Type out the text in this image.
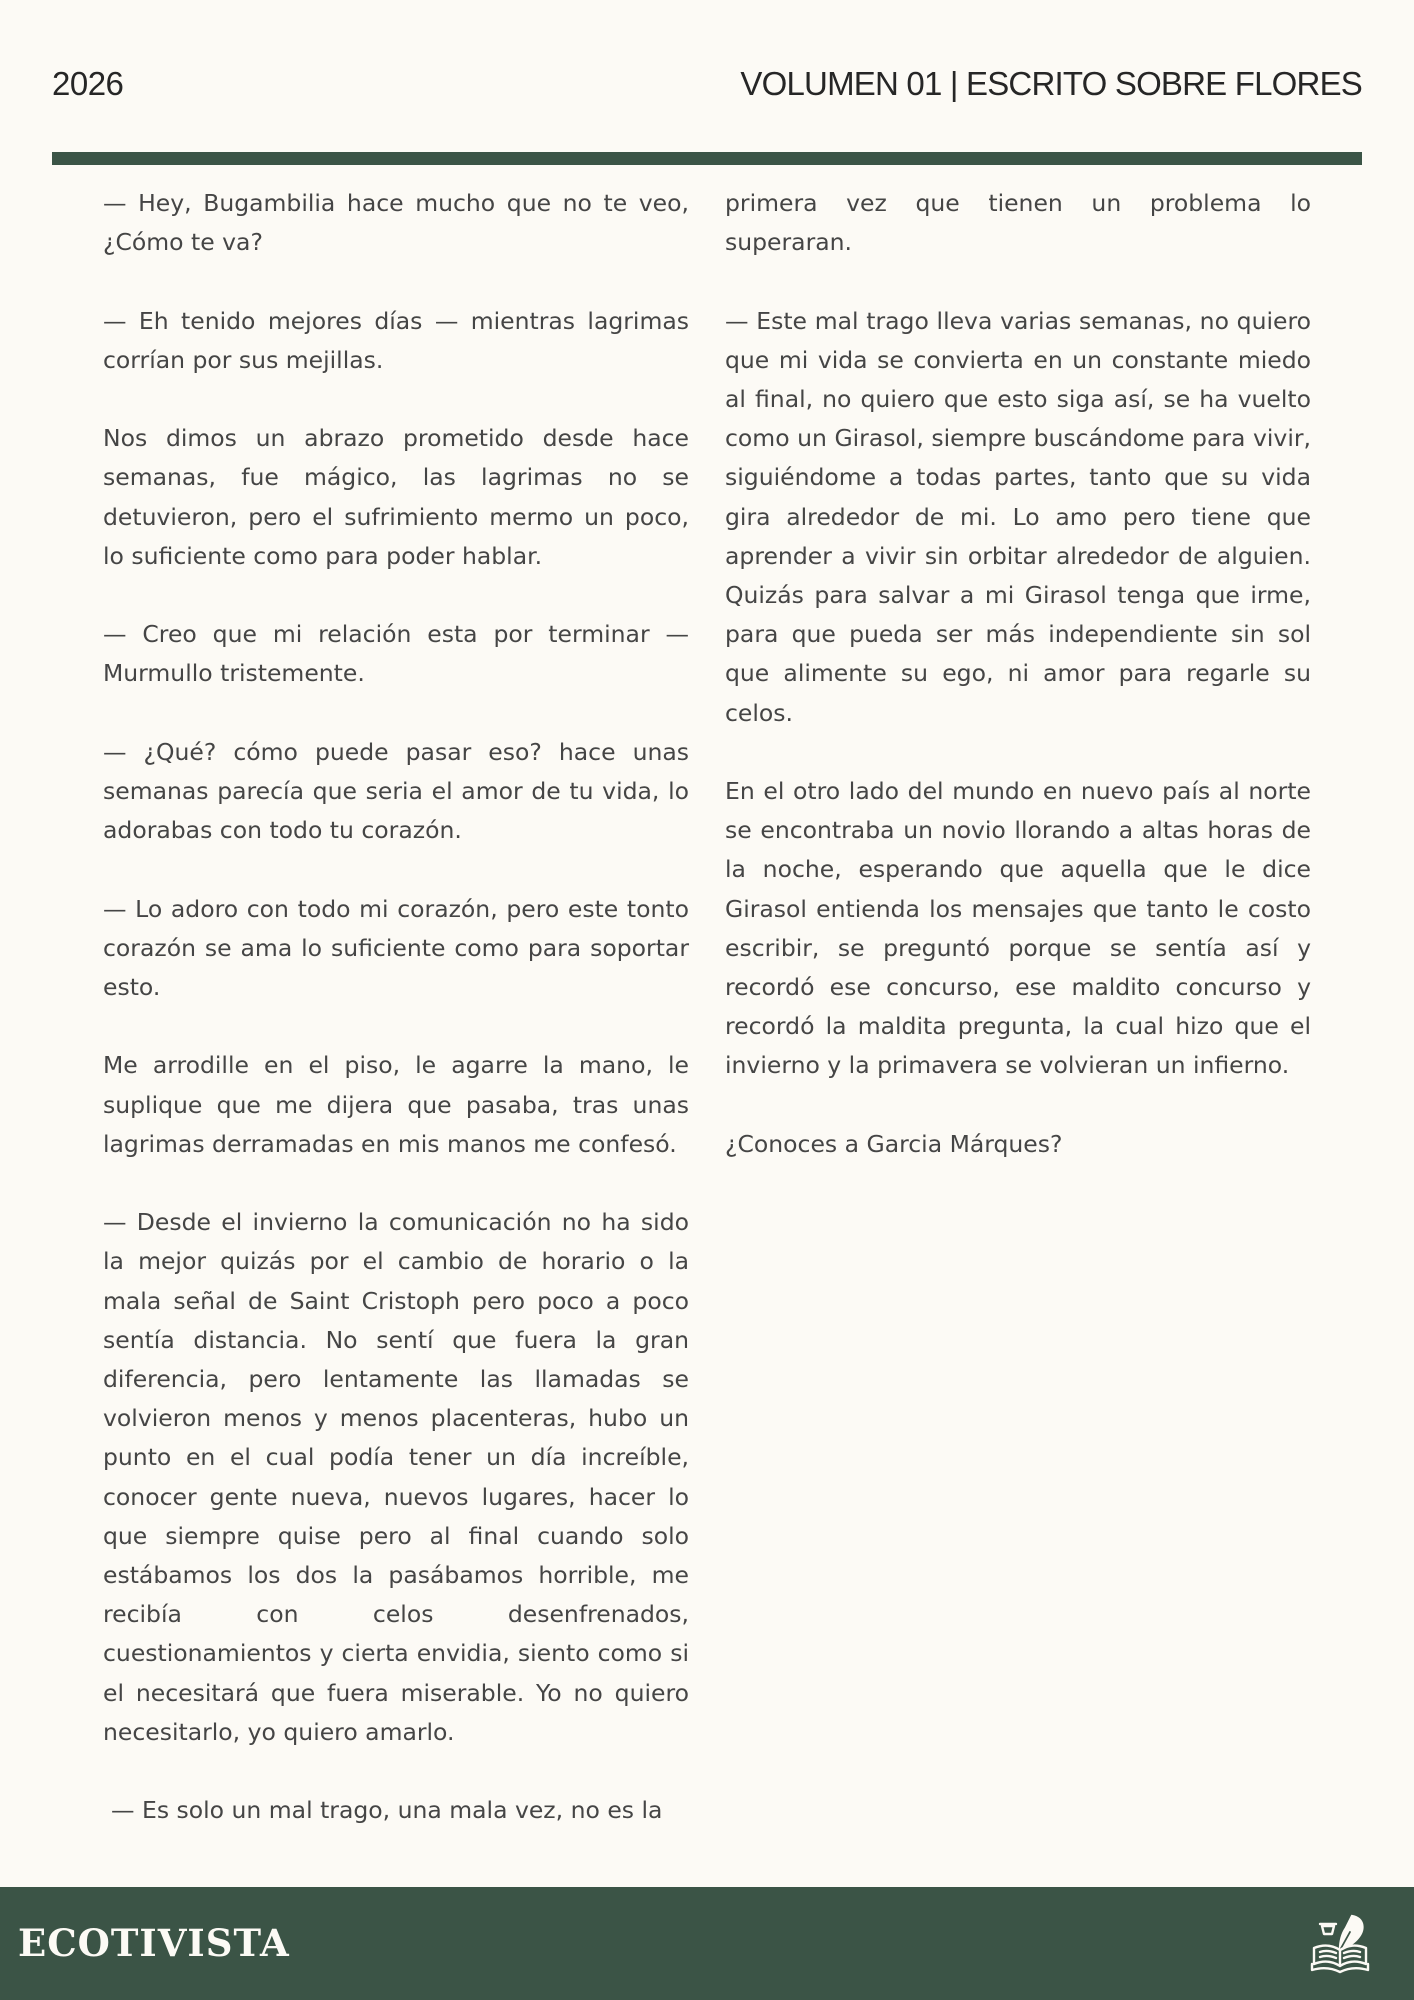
2026	VOLUMEN 01 | ESCRITO SOBRE FLORES

— Hey, Bugambilia hace mucho que no te veo, ¿Cómo te va?

— Eh tenido mejores días — mientras lagrimas corrían por sus mejillas.

Nos dimos un abrazo prometido desde hace semanas, fue mágico, las lagrimas no se detuvieron, pero el sufrimiento mermo un poco, lo suficiente como para poder hablar.

— Creo que mi relación esta por terminar — Murmullo tristemente.

— ¿Qué? cómo puede pasar eso? hace unas semanas parecía que seria el amor de tu vida, lo adorabas con todo tu corazón.

— Lo adoro con todo mi corazón, pero este tonto corazón se ama lo suficiente como para soportar esto.

Me arrodille en el piso, le agarre la mano, le suplique que me dijera que pasaba, tras unas lagrimas derramadas en mis manos me confesó.

— Desde el invierno la comunicación no ha sido la mejor quizás por el cambio de horario o la mala señal de Saint Cristoph pero poco a poco sentía distancia. No sentí que fuera la gran diferencia, pero lentamente las llamadas se volvieron menos y menos placenteras, hubo un punto en el cual podía tener un día increíble, conocer gente nueva, nuevos lugares, hacer lo que siempre quise pero al final cuando solo estábamos los dos la pasábamos horrible, me recibía con celos desenfrenados, cuestionamientos y cierta envidia, siento como si el necesitará que fuera miserable. Yo no quiero necesitarlo, yo quiero amarlo.

— Es solo un mal trago, una mala vez, no es la

primera vez que tienen un problema lo superaran.

— Este mal trago lleva varias semanas, no quiero que mi vida se convierta en un constante miedo al final, no quiero que esto siga así, se ha vuelto como un Girasol, siempre buscándome para vivir, siguiéndome a todas partes, tanto que su vida gira alrededor de mi. Lo amo pero tiene que aprender a vivir sin orbitar alrededor de alguien. Quizás para salvar a mi Girasol tenga que irme, para que pueda ser más independiente sin sol que alimente su ego, ni amor para regarle su celos.

En el otro lado del mundo en nuevo país al norte se encontraba un novio llorando a altas horas de la noche, esperando que aquella que le dice Girasol entienda los mensajes que tanto le costo escribir, se preguntó porque se sentía así y recordó ese concurso, ese maldito concurso y recordó la maldita pregunta, la cual hizo que el invierno y la primavera se volvieran un infierno.

¿Conoces a Garcia Márques?

ECOTIVISTA
